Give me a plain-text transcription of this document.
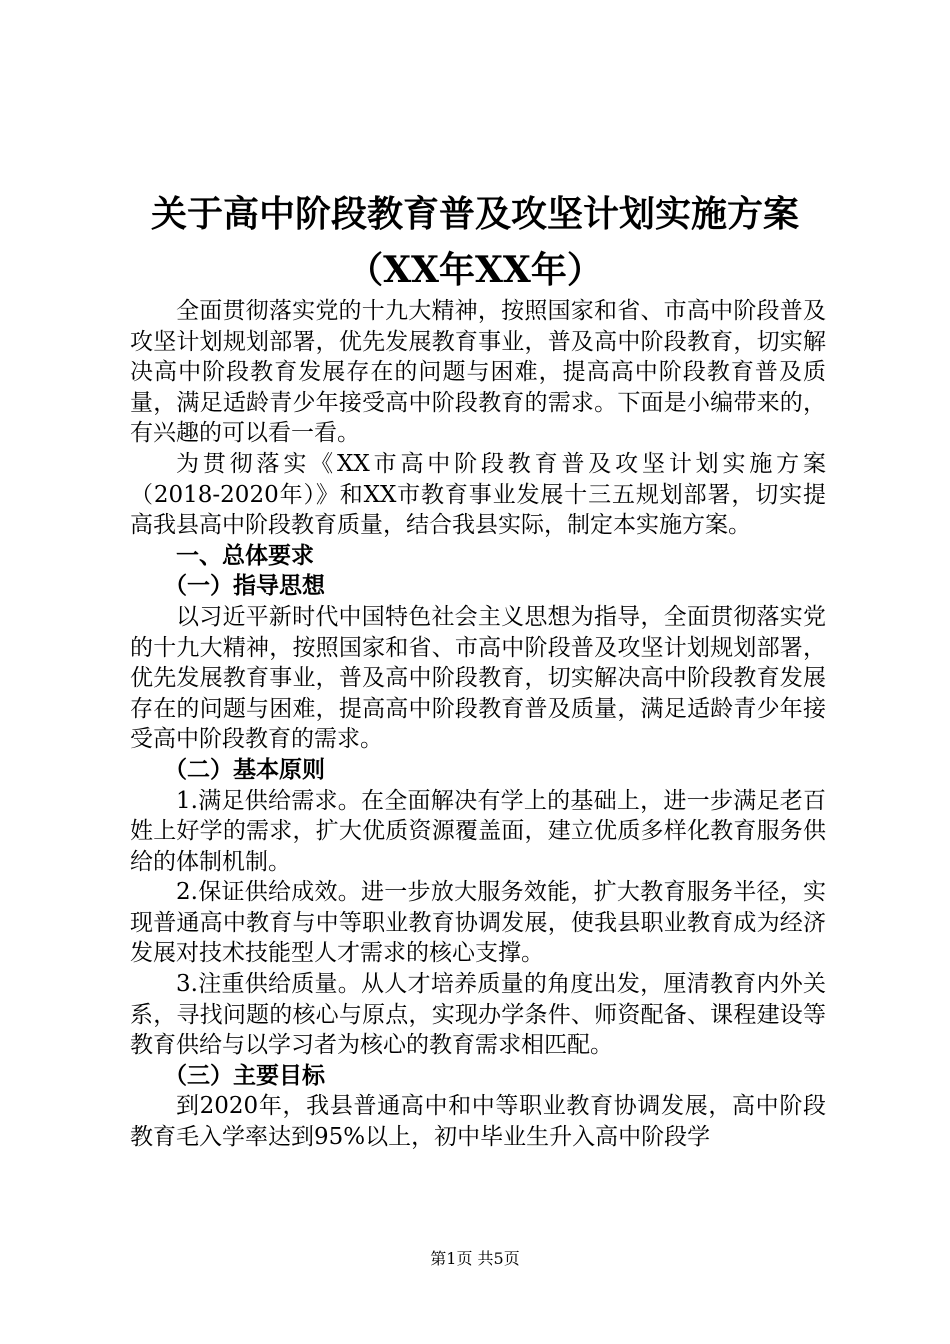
关于高中阶段教育普及攻坚计划实施方案（XX年XX年）

全面贯彻落实党的十九大精神，按照国家和省、市高中阶段普及攻坚计划规划部署，优先发展教育事业，普及高中阶段教育，切实解决高中阶段教育发展存在的问题与困难，提高高中阶段教育普及质量，满足适龄青少年接受高中阶段教育的需求。下面是小编带来的，有兴趣的可以看一看。

为贯彻落实《XX市高中阶段教育普及攻坚计划实施方案（2018-2020年）》和XX市教育事业发展十三五规划部署，切实提高我县高中阶段教育质量，结合我县实际，制定本实施方案。

一、总体要求

（一）指导思想

以习近平新时代中国特色社会主义思想为指导，全面贯彻落实党的十九大精神，按照国家和省、市高中阶段普及攻坚计划规划部署，优先发展教育事业，普及高中阶段教育，切实解决高中阶段教育发展存在的问题与困难，提高高中阶段教育普及质量，满足适龄青少年接受高中阶段教育的需求。

（二）基本原则

1.满足供给需求。在全面解决有学上的基础上，进一步满足老百姓上好学的需求，扩大优质资源覆盖面，建立优质多样化教育服务供给的体制机制。

2.保证供给成效。进一步放大服务效能，扩大教育服务半径，实现普通高中教育与中等职业教育协调发展，使我县职业教育成为经济发展对技术技能型人才需求的核心支撑。

3.注重供给质量。从人才培养质量的角度出发，厘清教育内外关系，寻找问题的核心与原点，实现办学条件、师资配备、课程建设等教育供给与以学习者为核心的教育需求相匹配。

（三）主要目标

到2020年，我县普通高中和中等职业教育协调发展，高中阶段教育毛入学率达到95%以上，初中毕业生升入高中阶段学

第1页 共5页
